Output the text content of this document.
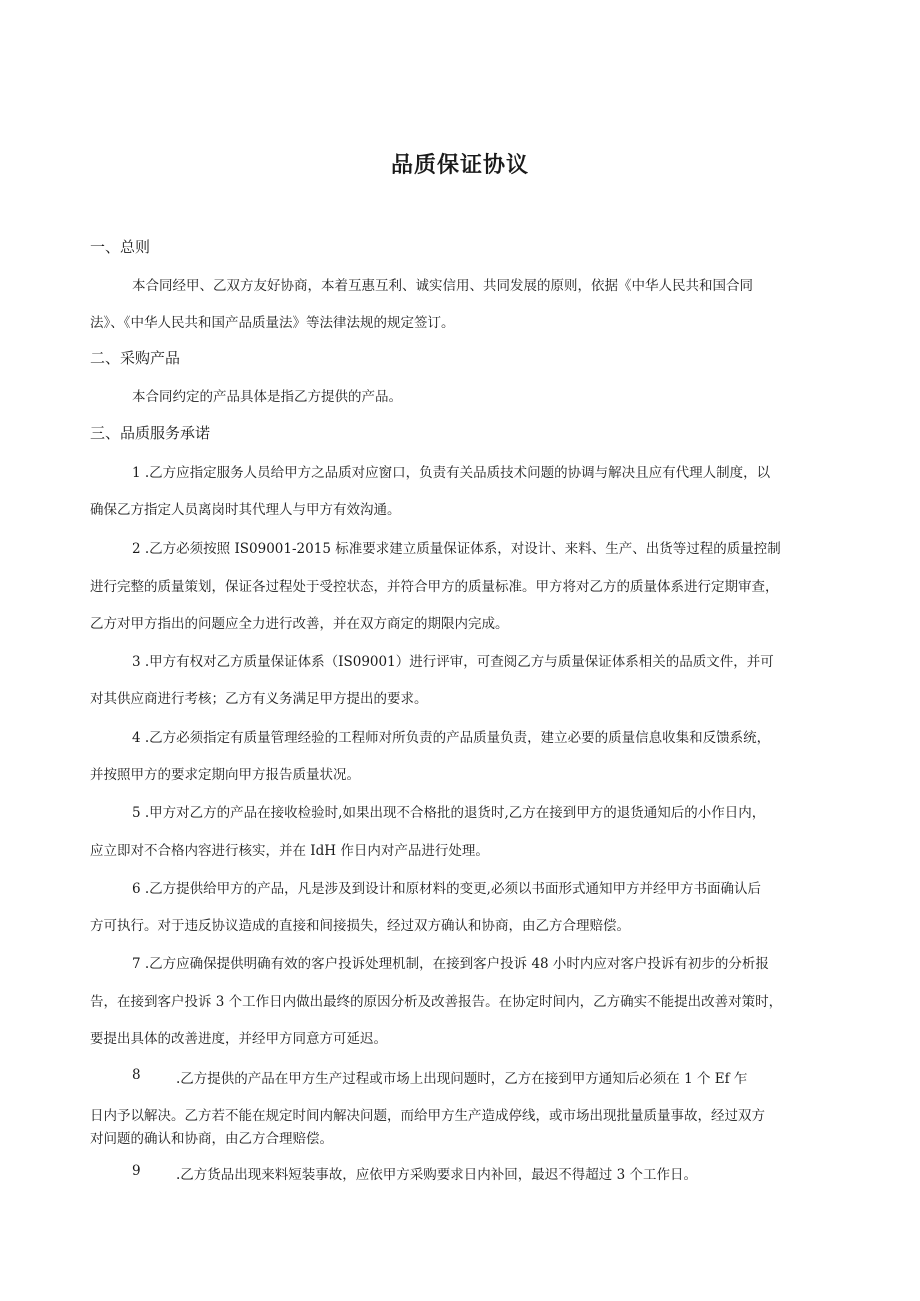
品质保证协议

一、总则

本合同经甲、乙双方友好协商，本着互惠互利、诚实信用、共同发展的原则，依据《中华人民共和国合同

法》、《中华人民共和国产品质量法》等法律法规的规定签订。

二、采购产品

本合同约定的产品具体是指乙方提供的产品。

三、品质服务承诺

1 .乙方应指定服务人员给甲方之品质对应窗口，负责有关品质技术问题的协调与解决且应有代理人制度，以

确保乙方指定人员离岗时其代理人与甲方有效沟通。

2 .乙方必须按照 IS09001-2015 标准要求建立质量保证体系，对设计、来料、生产、出货等过程的质量控制

进行完整的质量策划，保证各过程处于受控状态，并符合甲方的质量标准。甲方将对乙方的质量体系进行定期审查，

乙方对甲方指出的问题应全力进行改善，并在双方商定的期限内完成。

3 .甲方有权对乙方质量保证体系（IS09001）进行评审，可查阅乙方与质量保证体系相关的品质文件，并可

对其供应商进行考核；乙方有义务满足甲方提出的要求。

4 .乙方必须指定有质量管理经验的工程师对所负责的产品质量负责，建立必要的质量信息收集和反馈系统，

并按照甲方的要求定期向甲方报告质量状况。

5 .甲方对乙方的产品在接收检验时,如果出现不合格批的退货时,乙方在接到甲方的退货通知后的小作日内，

应立即对不合格内容进行核实，并在 IdH 作日内对产品进行处理。

6 .乙方提供给甲方的产品，凡是涉及到设计和原材料的变更,必须以书面形式通知甲方并经甲方书面确认后

方可执行。对于违反协议造成的直接和间接损失，经过双方确认和协商，由乙方合理赔偿。

7 .乙方应确保提供明确有效的客户投诉处理机制，在接到客户投诉 48 小时内应对客户投诉有初步的分析报

告，在接到客户投诉 3 个工作日内做出最终的原因分析及改善报告。在协定时间内，乙方确实不能提出改善对策时，

要提出具体的改善进度，并经甲方同意方可延迟。

8	.乙方提供的产品在甲方生产过程或市场上出现问题时，乙方在接到甲方通知后必须在 1 个 Ef 乍

日内予以解决。乙方若不能在规定时间内解决问题，而给甲方生产造成停线，或市场出现批量质量事故，经过双方

对问题的确认和协商，由乙方合理赔偿。

9	.乙方货品出现来料短装事故，应依甲方采购要求日内补回，最迟不得超过 3 个工作日。
